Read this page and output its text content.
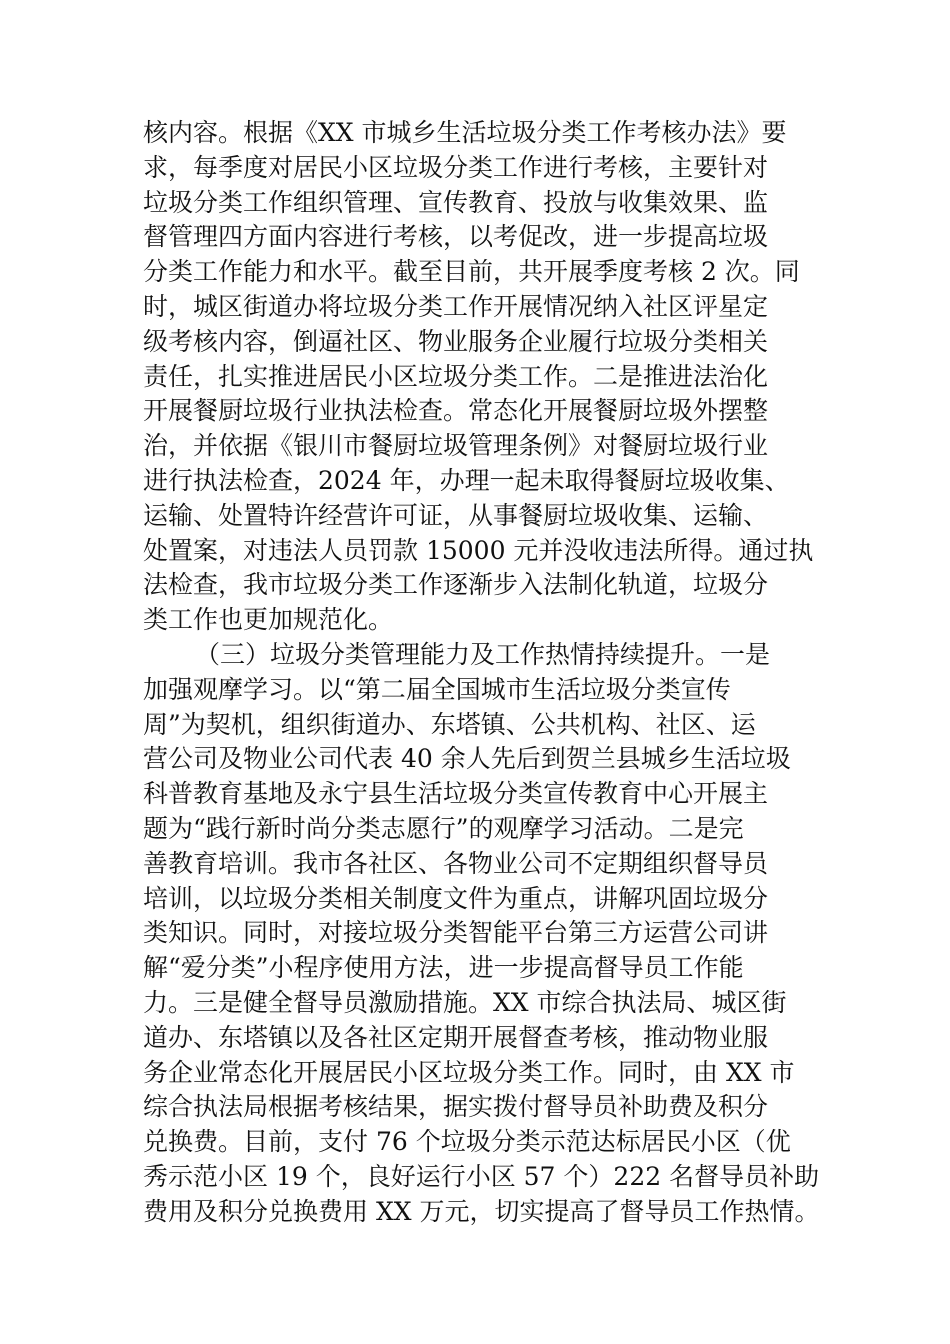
核内容。根据《XX 市城乡生活垃圾分类工作考核办法》要
求，每季度对居民小区垃圾分类工作进行考核，主要针对
垃圾分类工作组织管理、宣传教育、投放与收集效果、监
督管理四方面内容进行考核，以考促改，进一步提高垃圾
分类工作能力和水平。截至目前，共开展季度考核 2 次。同
时，城区街道办将垃圾分类工作开展情况纳入社区评星定
级考核内容，倒逼社区、物业服务企业履行垃圾分类相关
责任，扎实推进居民小区垃圾分类工作。二是推进法治化
开展餐厨垃圾行业执法检查。常态化开展餐厨垃圾外摆整
治，并依据《银川市餐厨垃圾管理条例》对餐厨垃圾行业
进行执法检查，2024 年，办理一起未取得餐厨垃圾收集、
运输、处置特许经营许可证，从事餐厨垃圾收集、运输、
处置案，对违法人员罚款 15000 元并没收违法所得。通过执
法检查，我市垃圾分类工作逐渐步入法制化轨道，垃圾分
类工作也更加规范化。
（三）垃圾分类管理能力及工作热情持续提升。一是
加强观摩学习。以“第二届全国城市生活垃圾分类宣传
周”为契机，组织街道办、东塔镇、公共机构、社区、运
营公司及物业公司代表 40 余人先后到贺兰县城乡生活垃圾
科普教育基地及永宁县生活垃圾分类宣传教育中心开展主
题为“践行新时尚分类志愿行”的观摩学习活动。二是完
善教育培训。我市各社区、各物业公司不定期组织督导员
培训，以垃圾分类相关制度文件为重点，讲解巩固垃圾分
类知识。同时，对接垃圾分类智能平台第三方运营公司讲
解“爱分类”小程序使用方法，进一步提高督导员工作能
力。三是健全督导员激励措施。XX 市综合执法局、城区街
道办、东塔镇以及各社区定期开展督查考核，推动物业服
务企业常态化开展居民小区垃圾分类工作。同时，由 XX 市
综合执法局根据考核结果，据实拨付督导员补助费及积分
兑换费。目前，支付 76 个垃圾分类示范达标居民小区（优
秀示范小区 19 个，良好运行小区 57 个）222 名督导员补助
费用及积分兑换费用 XX 万元，切实提高了督导员工作热情。
